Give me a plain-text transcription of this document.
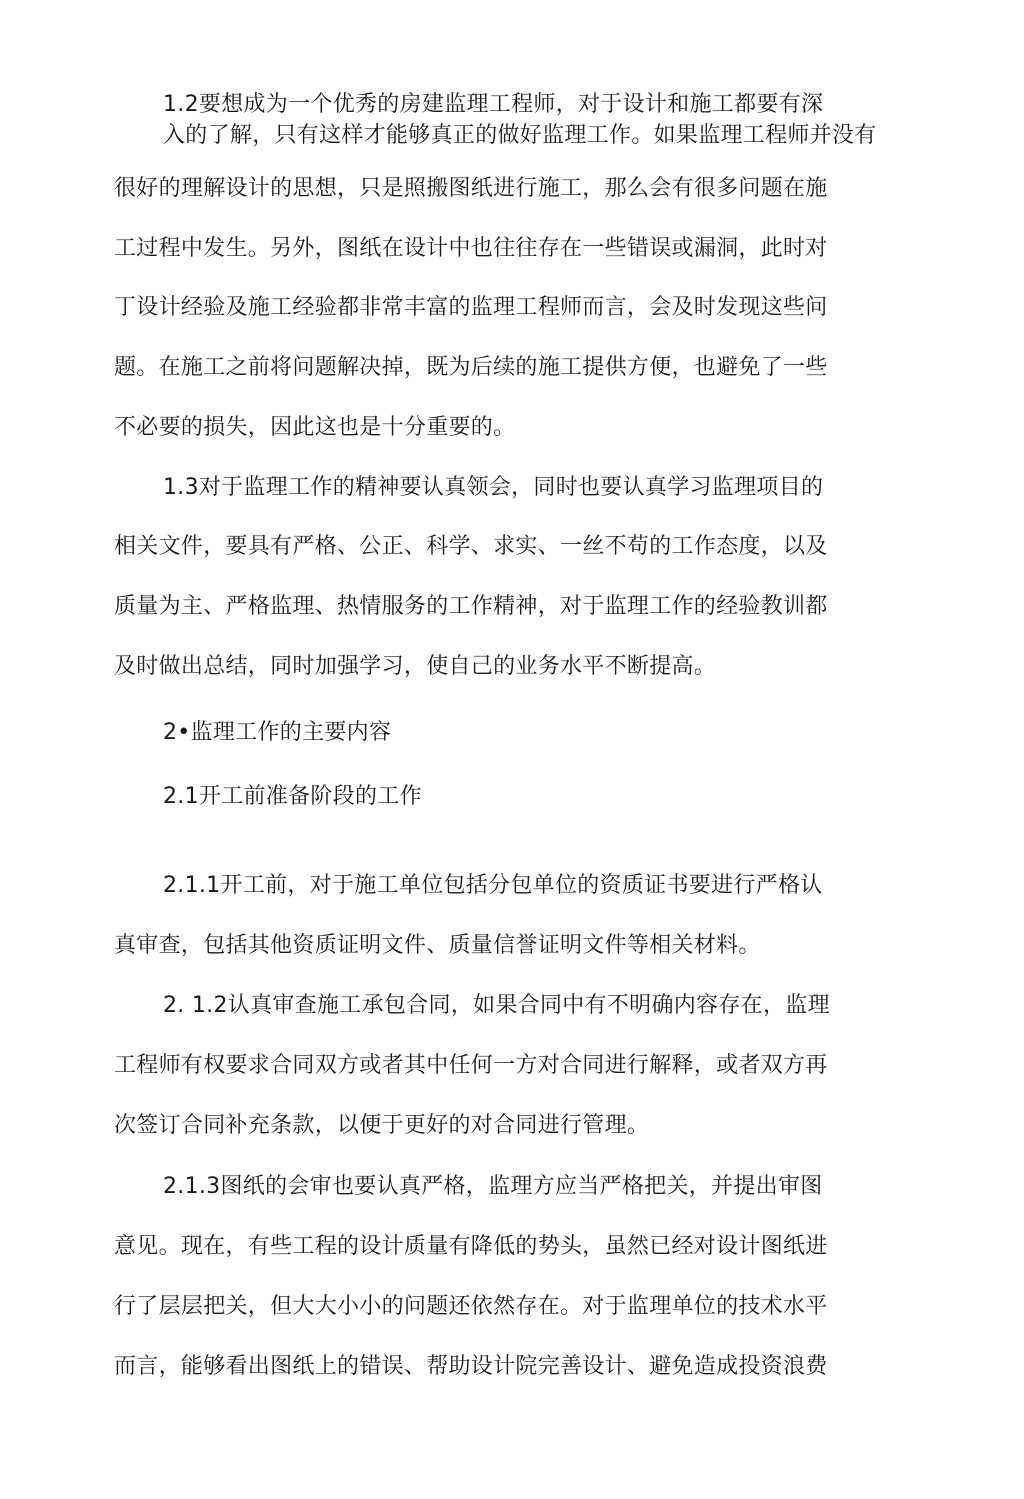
1.2要想成为一个优秀的房建监理工程师，对于设计和施工都要有深
入的了解，只有这样才能够真正的做好监理工作。如果监理工程师并没有
很好的理解设计的思想，只是照搬图纸进行施工，那么会有很多问题在施
工过程中发生。另外，图纸在设计中也往往存在一些错误或漏洞，此时对
丁设计经验及施工经验都非常丰富的监理工程师而言，会及时发现这些问
题。在施工之前将问题解决掉，既为后续的施工提供方便，也避免了一些
不必要的损失，因此这也是十分重要的。
1.3对于监理工作的精神要认真领会，同时也要认真学习监理项目的
相关文件，要具有严格、公正、科学、求实、一丝不苟的工作态度，以及
质量为主、严格监理、热情服务的工作精神，对于监理工作的经验教训都
及时做出总结，同时加强学习，使自己的业务水平不断提高。
2•监理工作的主要内容
2.1开工前准备阶段的工作
2.1.1开工前，对于施工单位包括分包单位的资质证书要进行严格认
真审查，包括其他资质证明文件、质量信誉证明文件等相关材料。
2. 1.2认真审查施工承包合同，如果合同中有不明确内容存在，监理
工程师有权要求合同双方或者其中任何一方对合同进行解释，或者双方再
次签订合同补充条款，以便于更好的对合同进行管理。
2.1.3图纸的会审也要认真严格，监理方应当严格把关，并提出审图
意见。现在，有些工程的设计质量有降低的势头，虽然已经对设计图纸进
行了层层把关，但大大小小的问题还依然存在。对于监理单位的技术水平
而言，能够看出图纸上的错误、帮助设计院完善设计、避免造成投资浪费
